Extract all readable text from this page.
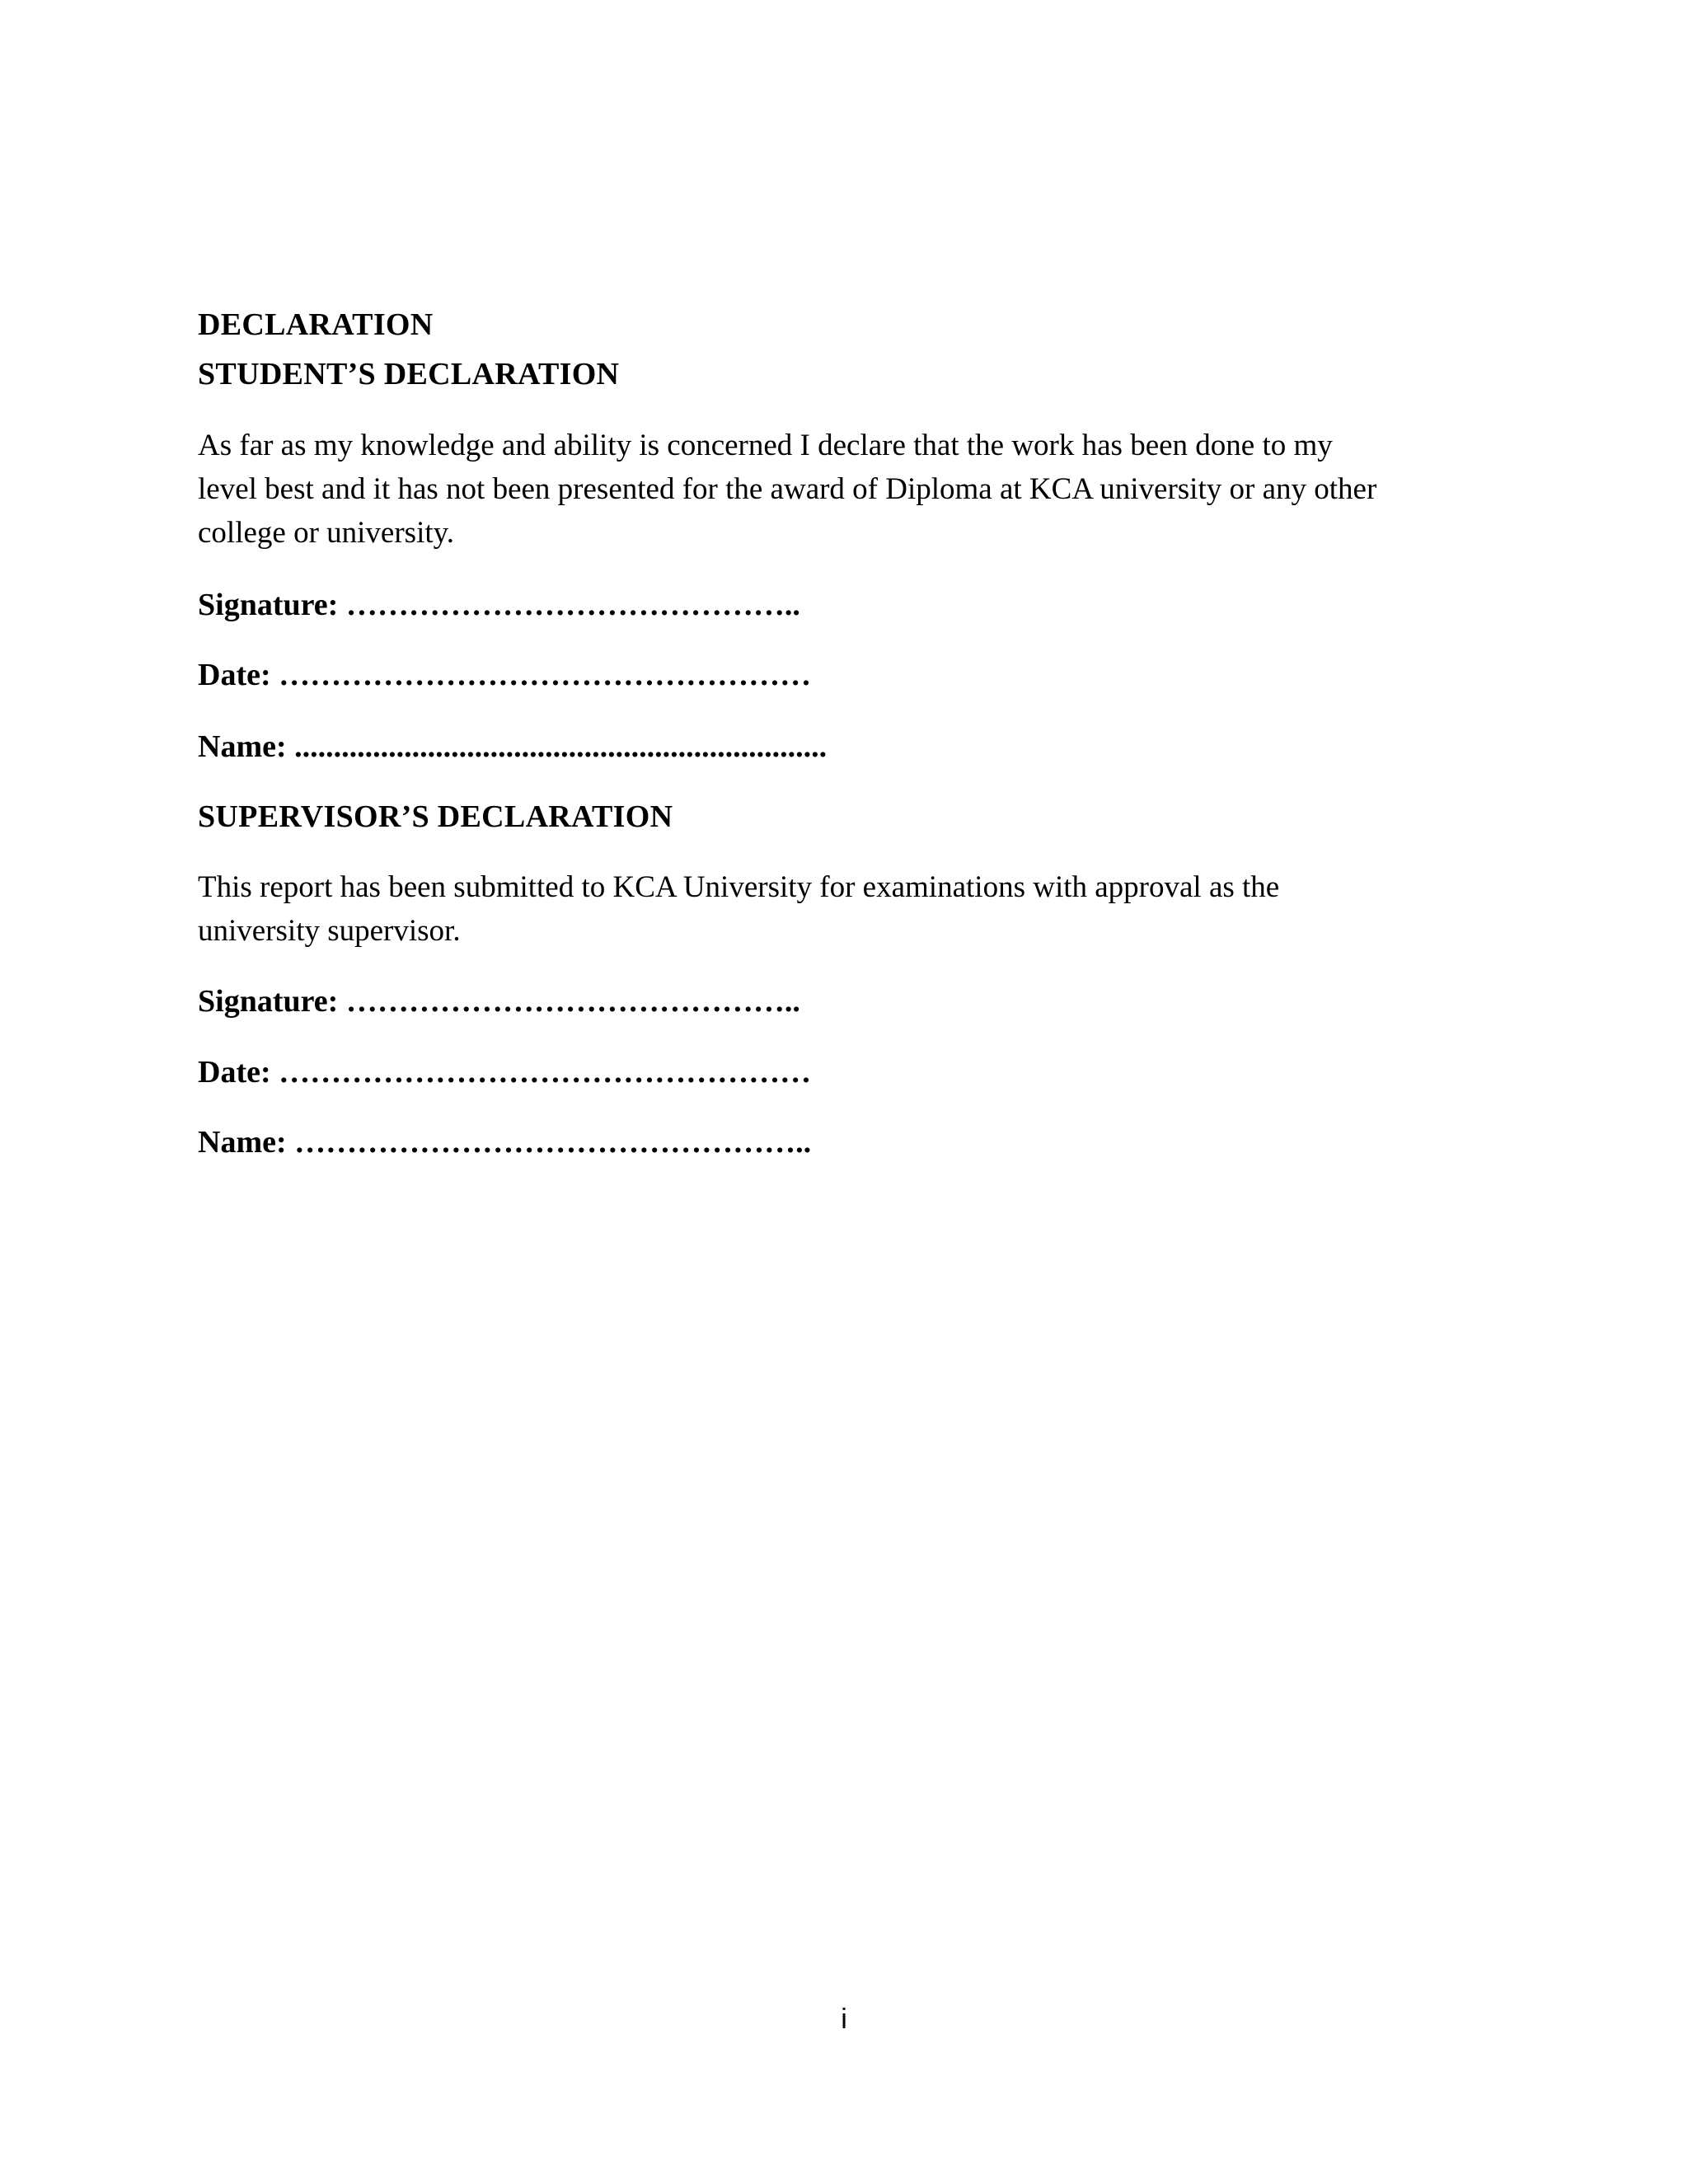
DECLARATION
STUDENT’S DECLARATION
As far as my knowledge and ability is concerned I declare that the work has been done to my
level best and it has not been presented for the award of Diploma at KCA university or any other
college or university.
Signature: ……………………………………..
Date: ……………………………………………
Name: ....................................................................
SUPERVISOR’S DECLARATION
This report has been submitted to KCA University for examinations with approval as the
university supervisor.
Signature: ……………………………………..
Date: ……………………………………………
Name: …………………………………………..
i
